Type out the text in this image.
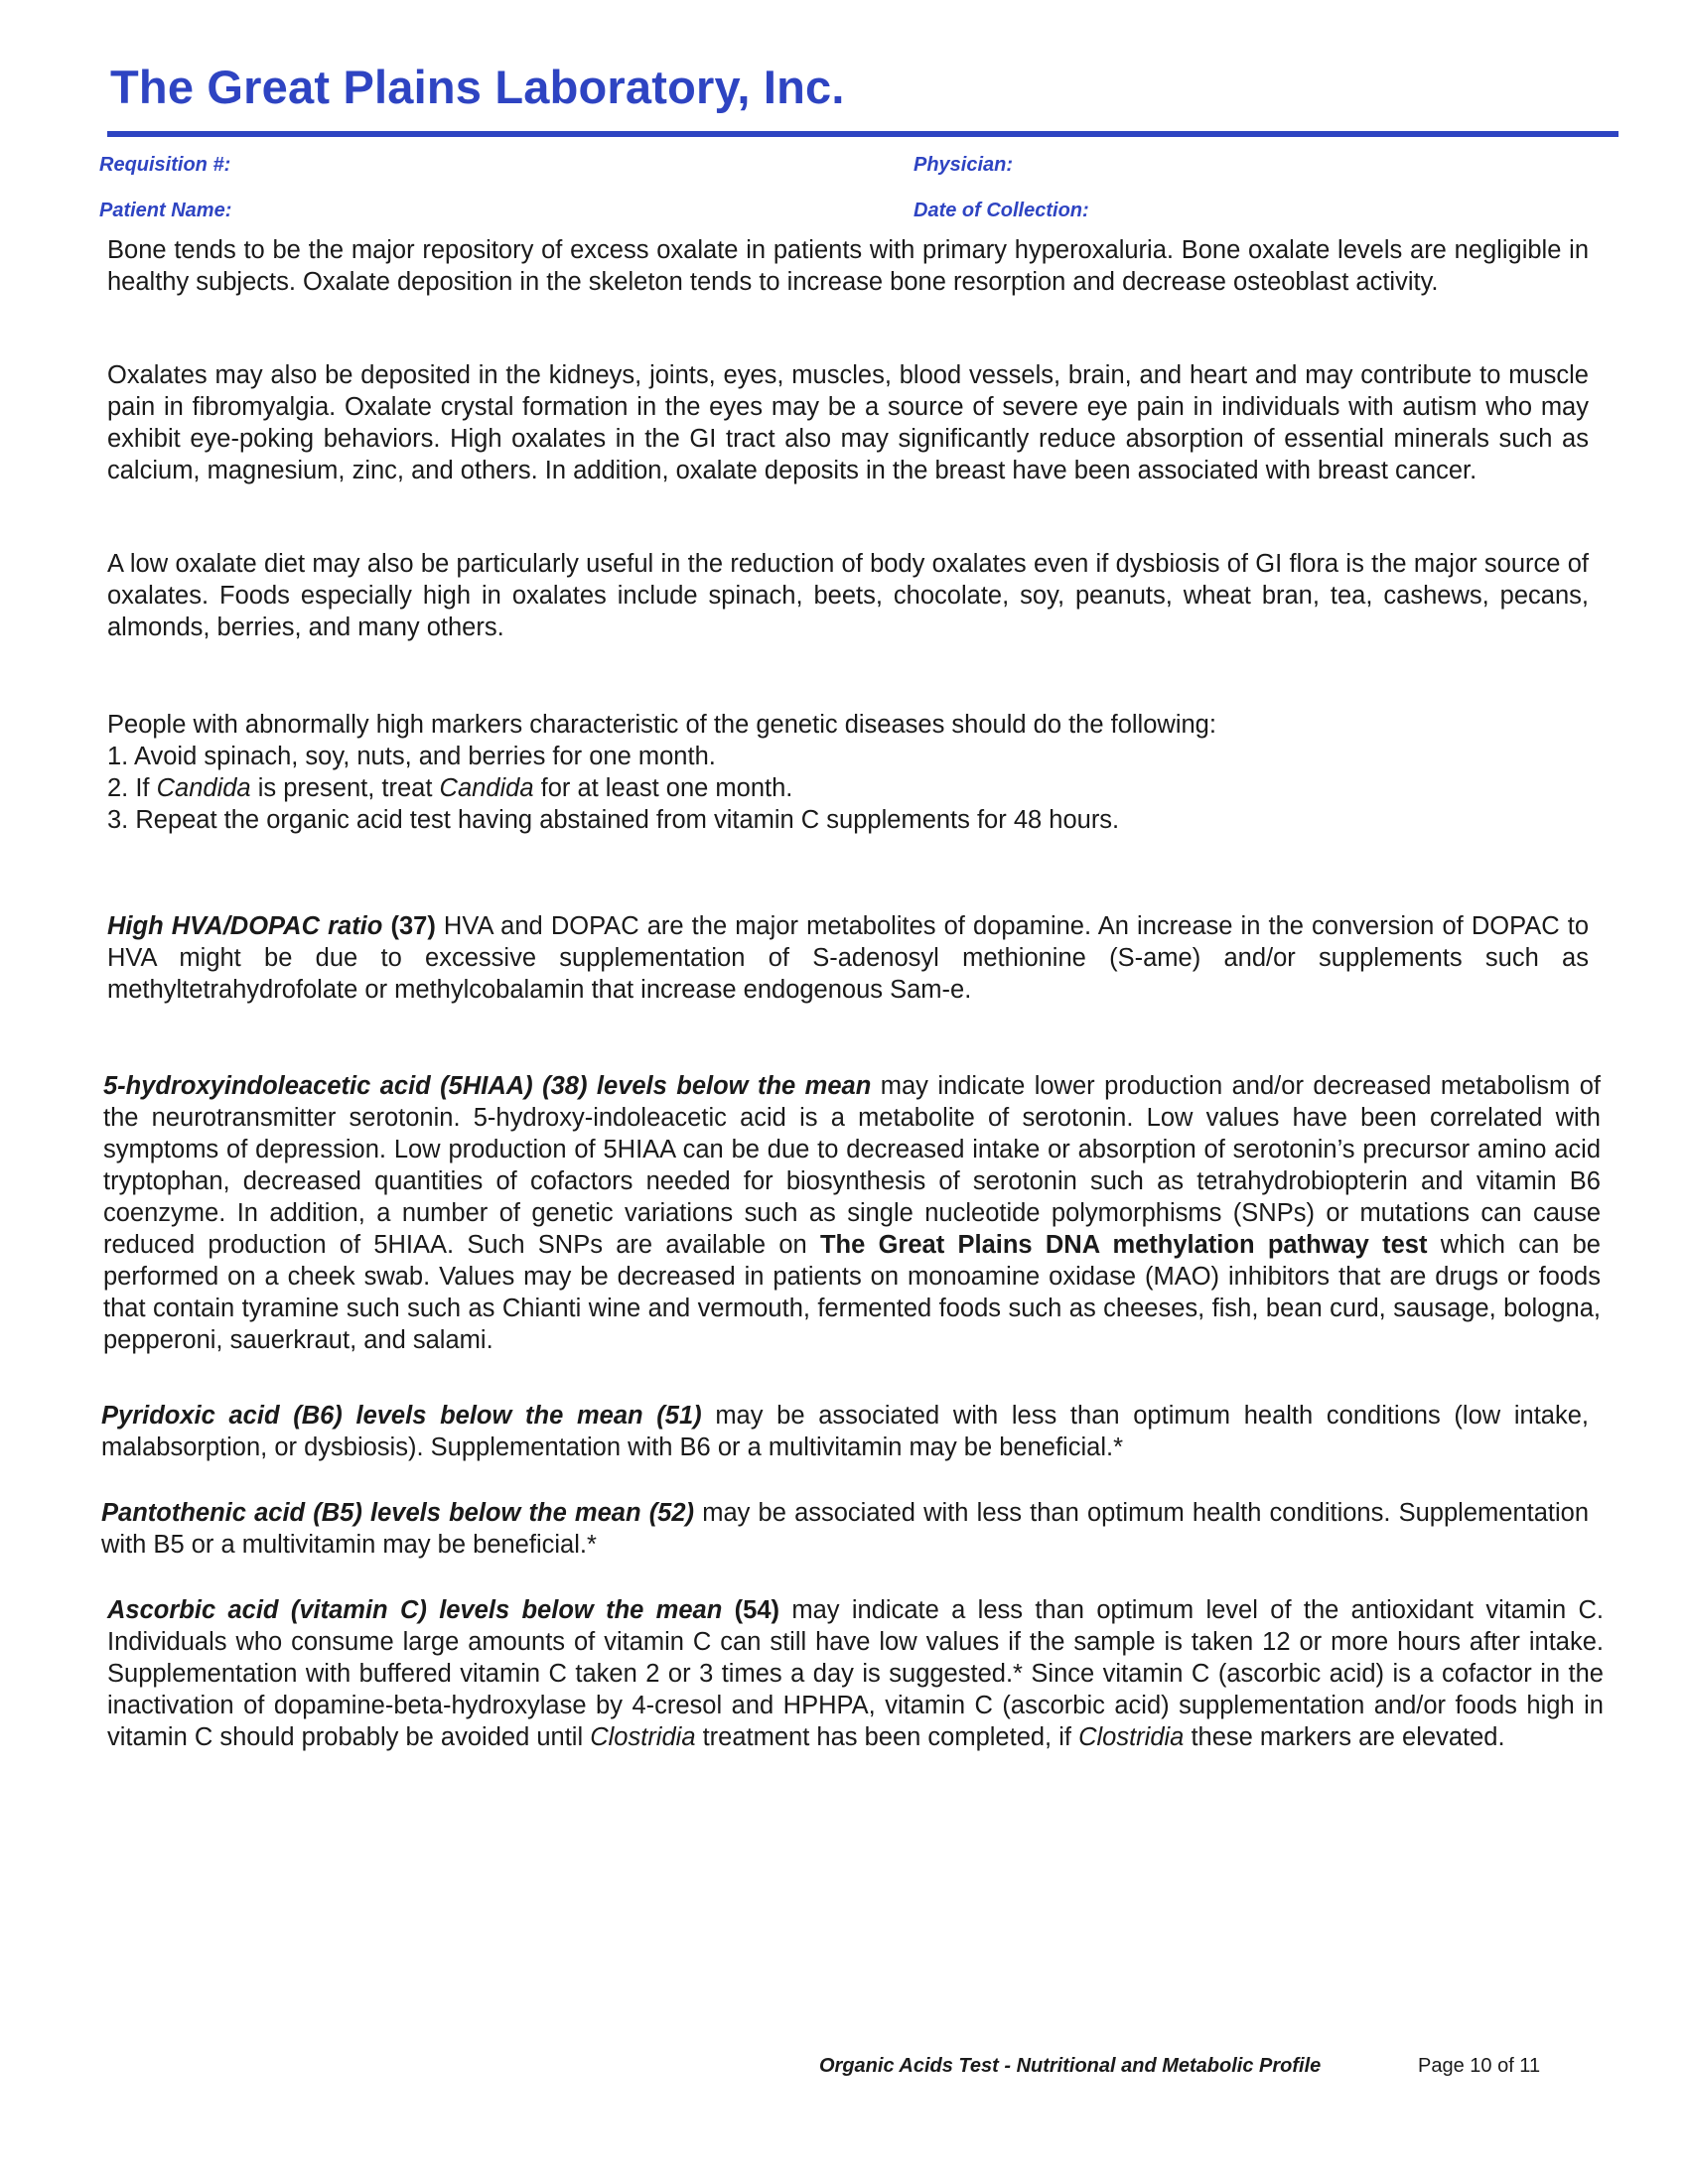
The Great Plains Laboratory, Inc.
Requisition #:	Physician:
Patient Name:	Date of Collection:

Bone tends to be the major repository of excess oxalate in patients with primary hyperoxaluria. Bone oxalate levels are negligible in healthy subjects. Oxalate deposition in the skeleton tends to increase bone resorption and decrease osteoblast activity.

Oxalates may also be deposited in the kidneys, joints, eyes, muscles, blood vessels, brain, and heart and may contribute to muscle pain in fibromyalgia. Oxalate crystal formation in the eyes may be a source of severe eye pain in individuals with autism who may exhibit eye-poking behaviors. High oxalates in the GI tract also may significantly reduce absorption of essential minerals such as calcium, magnesium, zinc, and others. In addition, oxalate deposits in the breast have been associated with breast cancer.

A low oxalate diet may also be particularly useful in the reduction of body oxalates even if dysbiosis of GI flora is the major source of oxalates. Foods especially high in oxalates include spinach, beets, chocolate, soy, peanuts, wheat bran, tea, cashews, pecans, almonds, berries, and many others.

People with abnormally high markers characteristic of the genetic diseases should do the following:
1. Avoid spinach, soy, nuts, and berries for one month.
2. If Candida is present, treat Candida for at least one month.
3. Repeat the organic acid test having abstained from vitamin C supplements for 48 hours.

High HVA/DOPAC ratio (37) HVA and DOPAC are the major metabolites of dopamine. An increase in the conversion of DOPAC to HVA might be due to excessive supplementation of S-adenosyl methionine (S-ame) and/or supplements such as methyltetrahydrofolate or methylcobalamin that increase endogenous Sam-e.

5-hydroxyindoleacetic acid (5HIAA) (38) levels below the mean may indicate lower production and/or decreased metabolism of the neurotransmitter serotonin. 5-hydroxy-indoleacetic acid is a metabolite of serotonin. Low values have been correlated with symptoms of depression. Low production of 5HIAA can be due to decreased intake or absorption of serotonin’s precursor amino acid tryptophan, decreased quantities of cofactors needed for biosynthesis of serotonin such as tetrahydrobiopterin and vitamin B6 coenzyme. In addition, a number of genetic variations such as single nucleotide polymorphisms (SNPs) or mutations can cause reduced production of 5HIAA. Such SNPs are available on The Great Plains DNA methylation pathway test which can be performed on a cheek swab. Values may be decreased in patients on monoamine oxidase (MAO) inhibitors that are drugs or foods that contain tyramine such such as Chianti wine and vermouth, fermented foods such as cheeses, fish, bean curd, sausage, bologna, pepperoni, sauerkraut, and salami.

Pyridoxic acid (B6) levels below the mean (51) may be associated with less than optimum health conditions (low intake, malabsorption, or dysbiosis). Supplementation with B6 or a multivitamin may be beneficial.*

Pantothenic acid (B5) levels below the mean (52) may be associated with less than optimum health conditions. Supplementation with B5 or a multivitamin may be beneficial.*

Ascorbic acid (vitamin C) levels below the mean (54) may indicate a less than optimum level of the antioxidant vitamin C. Individuals who consume large amounts of vitamin C can still have low values if the sample is taken 12 or more hours after intake. Supplementation with buffered vitamin C taken 2 or 3 times a day is suggested.* Since vitamin C (ascorbic acid) is a cofactor in the inactivation of dopamine-beta-hydroxylase by 4-cresol and HPHPA, vitamin C (ascorbic acid) supplementation and/or foods high in vitamin C should probably be avoided until Clostridia treatment has been completed, if Clostridia these markers are elevated.

Organic Acids Test - Nutritional and Metabolic Profile	Page 10 of 11
